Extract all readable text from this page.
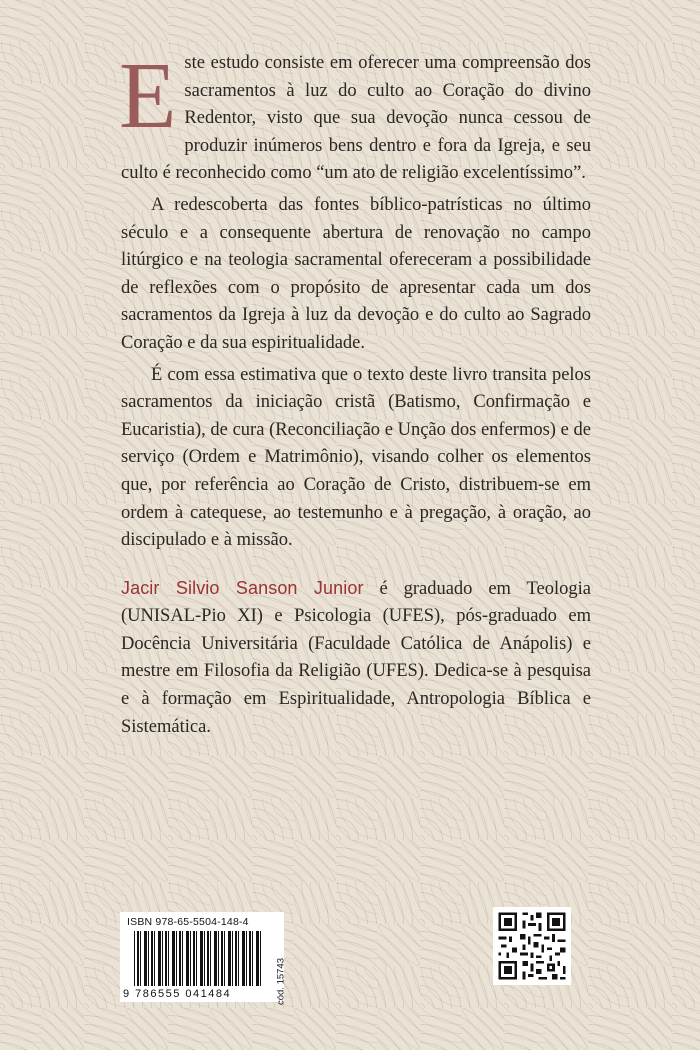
Este estudo consiste em oferecer uma compreensão dos sacramentos à luz do culto ao Coração do divino Redentor, visto que sua devoção nunca cessou de produzir inúmeros bens dentro e fora da Igreja, e seu culto é reconhecido como “um ato de religião excelentíssimo”.

A redescoberta das fontes bíblico-patrísticas no último século e a consequente abertura de renovação no campo litúrgico e na teologia sacramental ofereceram a possibilidade de reflexões com o propósito de apresentar cada um dos sacramentos da Igreja à luz da devoção e do culto ao Sagrado Coração e da sua espiritualidade.

É com essa estimativa que o texto deste livro transita pelos sacramentos da iniciação cristã (Batismo, Confirmação e Eucaristia), de cura (Reconciliação e Unção dos enfermos) e de serviço (Ordem e Matrimônio), visando colher os elementos que, por referência ao Coração de Cristo, distribuem-se em ordem à catequese, ao testemunho e à pregação, à oração, ao discipulado e à missão.

Jacir Silvio Sanson Junior é graduado em Teologia (UNISAL-Pio XI) e Psicologia (UFES), pós-graduado em Docência Universitária (Faculdade Católica de Anápolis) e mestre em Filosofia da Religião (UFES). Dedica-se à pesquisa e à formação em Espiritualidade, Antropologia Bíblica e Sistemática.

ISBN 978-65-5504-148-4
9 786555 041484	cód. 15743
